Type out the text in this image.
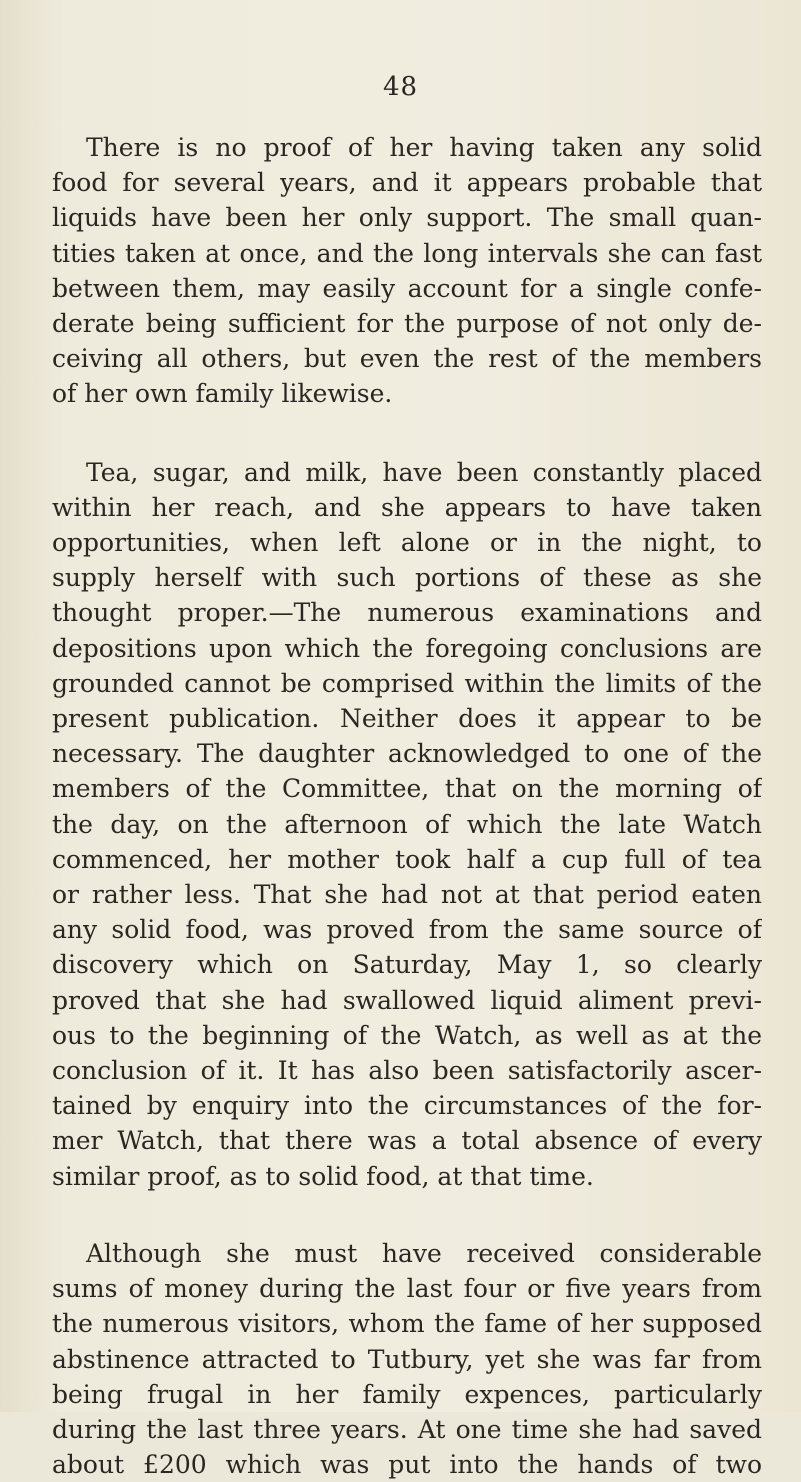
48
There is no proof of her having taken any solid
food for several years, and it appears probable that
liquids have been her only support. The small quan-
tities taken at once, and the long intervals she can fast
between them, may easily account for a single confe-
derate being sufficient for the purpose of not only de-
ceiving all others, but even the rest of the members
of her own family likewise.
Tea, sugar, and milk, have been constantly placed
within her reach, and she appears to have taken
opportunities, when left alone or in the night, to
supply herself with such portions of these as she
thought proper.—The numerous examinations and
depositions upon which the foregoing conclusions are
grounded cannot be comprised within the limits of the
present publication. Neither does it appear to be
necessary. The daughter acknowledged to one of the
members of the Committee, that on the morning of
the day, on the afternoon of which the late Watch
commenced, her mother took half a cup full of tea
or rather less. That she had not at that period eaten
any solid food, was proved from the same source of
discovery which on Saturday, May 1, so clearly
proved that she had swallowed liquid aliment previ-
ous to the beginning of the Watch, as well as at the
conclusion of it. It has also been satisfactorily ascer-
tained by enquiry into the circumstances of the for-
mer Watch, that there was a total absence of every
similar proof, as to solid food, at that time.
Although she must have received considerable
sums of money during the last four or five years from
the numerous visitors, whom the fame of her supposed
abstinence attracted to Tutbury, yet she was far from
being frugal in her family expences, particularly
during the last three years. At one time she had saved
about £200 which was put into the hands of two
